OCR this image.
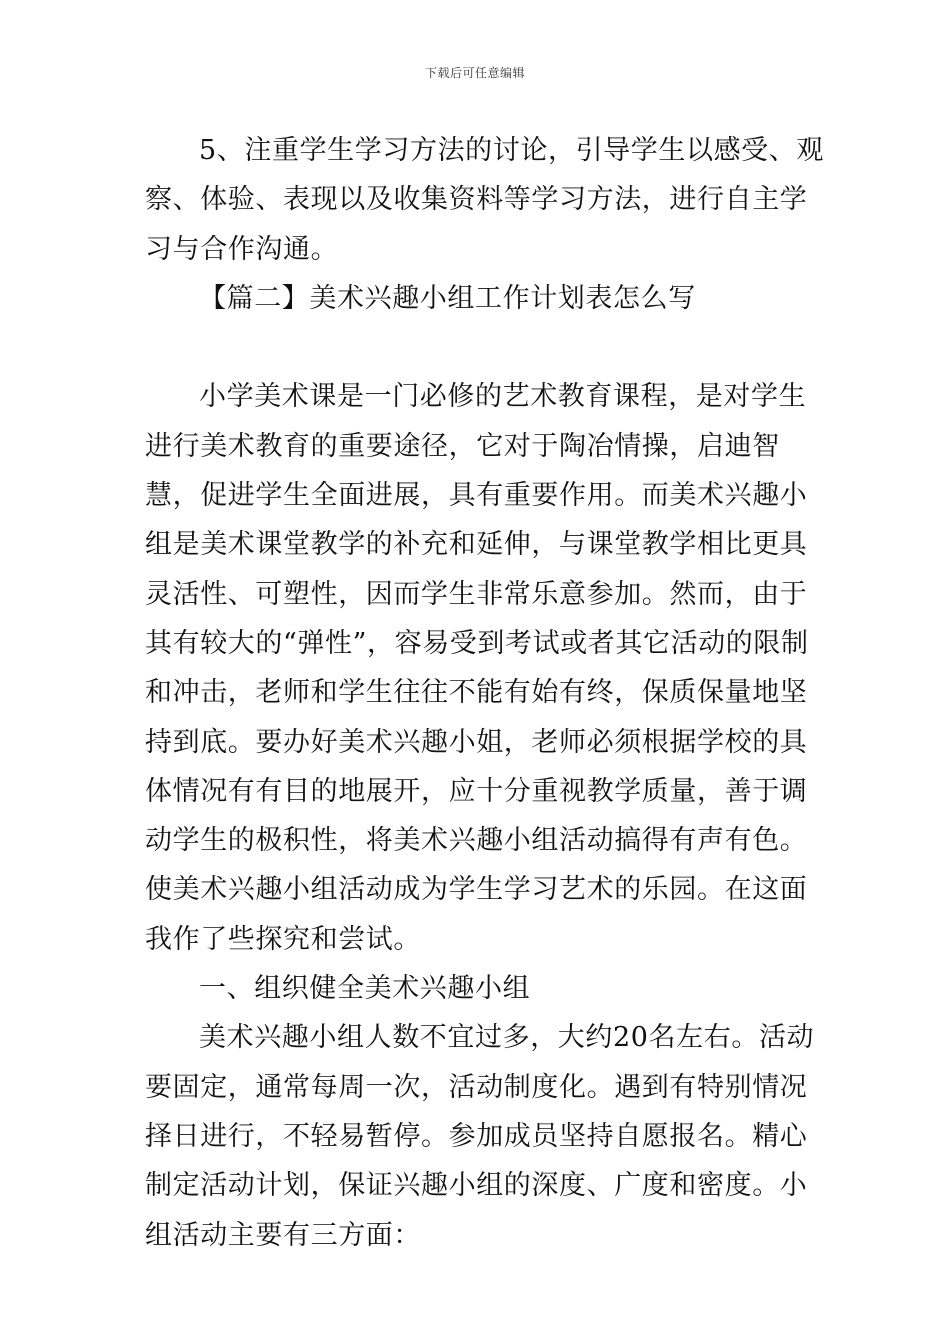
下载后可任意编辑

5、注重学生学习方法的讨论，引导学生以感受、观察、体验、表现以及收集资料等学习方法，进行自主学习与合作沟通。

【篇二】美术兴趣小组工作计划表怎么写

小学美术课是一门必修的艺术教育课程，是对学生进行美术教育的重要途径，它对于陶冶情操，启迪智慧，促进学生全面进展，具有重要作用。而美术兴趣小组是美术课堂教学的补充和延伸，与课堂教学相比更具灵活性、可塑性，因而学生非常乐意参加。然而，由于其有较大的“弹性”，容易受到考试或者其它活动的限制和冲击，老师和学生往往不能有始有终，保质保量地坚持到底。要办好美术兴趣小姐，老师必须根据学校的具体情况有有目的地展开，应十分重视教学质量，善于调动学生的极积性，将美术兴趣小组活动搞得有声有色。使美术兴趣小组活动成为学生学习艺术的乐园。在这面我作了些探究和尝试。

一、组织健全美术兴趣小组

美术兴趣小组人数不宜过多，大约20名左右。活动要固定，通常每周一次，活动制度化。遇到有特别情况择日进行，不轻易暂停。参加成员坚持自愿报名。精心制定活动计划，保证兴趣小组的深度、广度和密度。小组活动主要有三方面：
